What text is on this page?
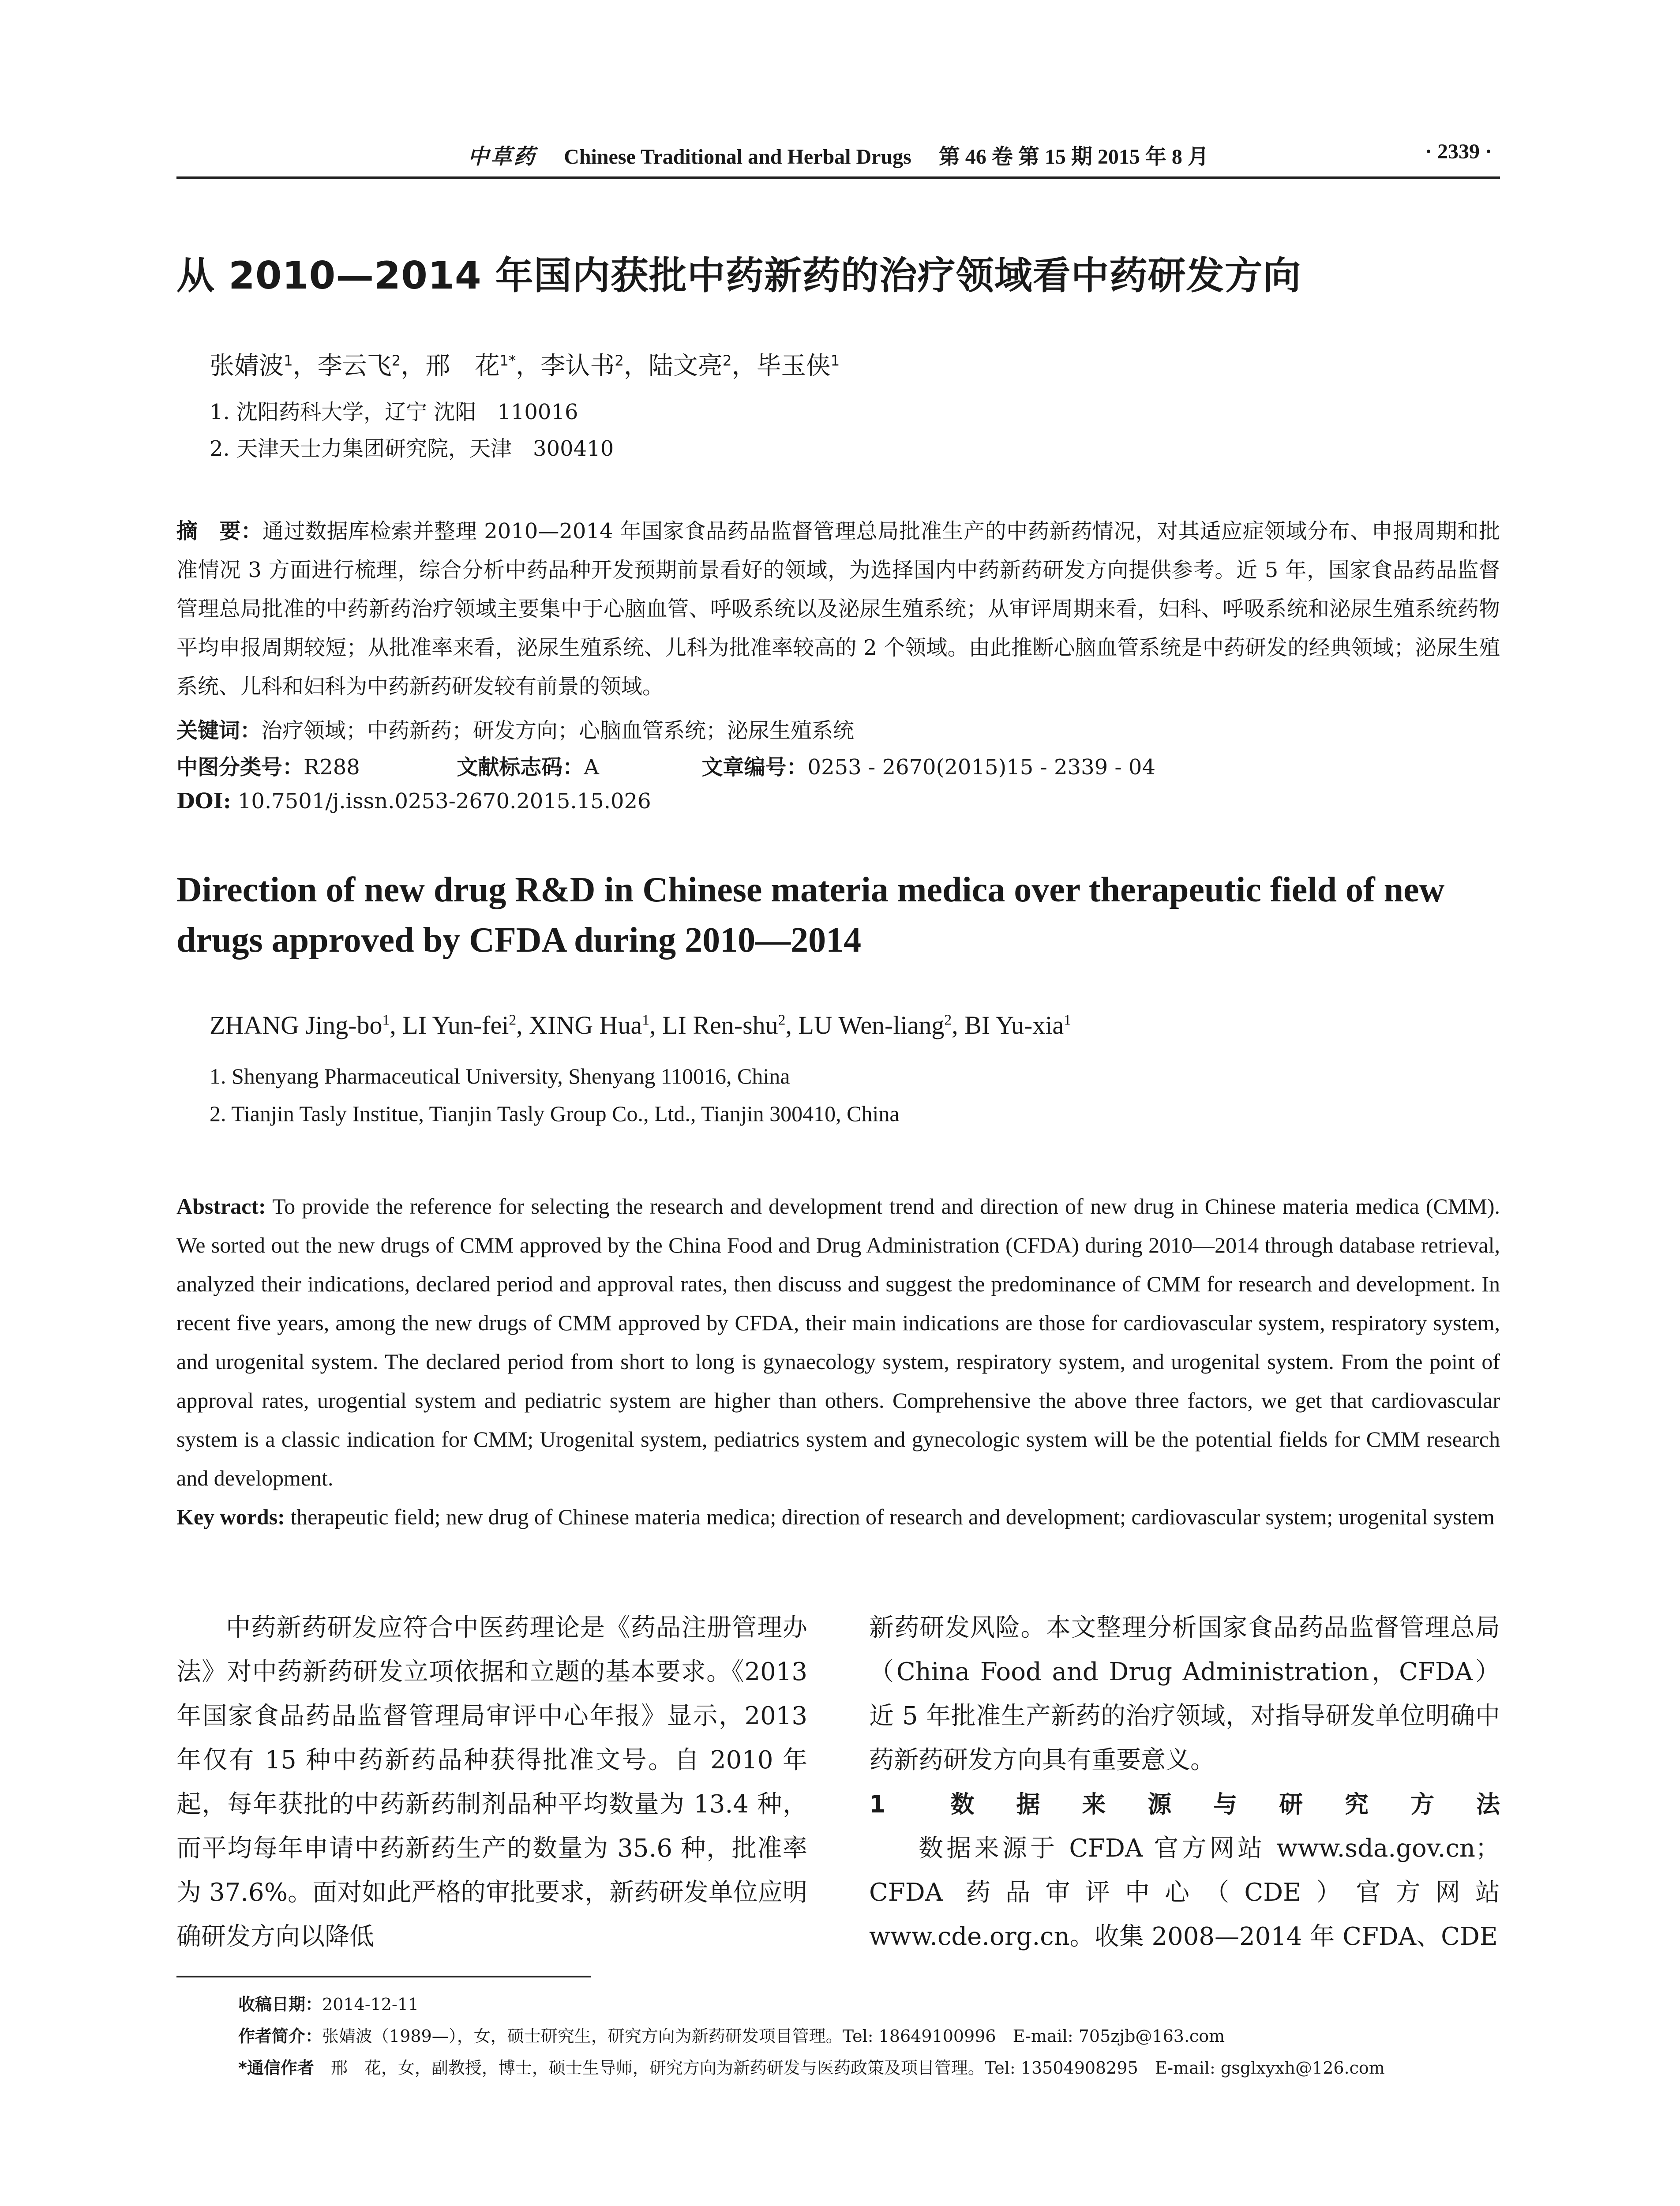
中草药 Chinese Traditional and Herbal Drugs 第 46 卷 第 15 期 2015 年 8 月	· 2339 ·
从 2010—2014 年国内获批中药新药的治疗领域看中药研发方向
张婧波$^1$，李云飞$^2$，邢　花$^{1*}$，李认书$^2$，陆文亮$^2$，毕玉侠$^1$
1. 沈阳药科大学，辽宁 沈阳　110016
2. 天津天士力集团研究院，天津　300410
摘　要：通过数据库检索并整理 2010—2014 年国家食品药品监督管理总局批准生产的中药新药情况，对其适应症领域分布、申报周期和批准情况 3 方面进行梳理，综合分析中药品种开发预期前景看好的领域，为选择国内中药新药研发方向提供参考。近 5 年，国家食品药品监督管理总局批准的中药新药治疗领域主要集中于心脑血管、呼吸系统以及泌尿生殖系统；从审评周期来看，妇科、呼吸系统和泌尿生殖系统药物平均申报周期较短；从批准率来看，泌尿生殖系统、儿科为批准率较高的 2 个领域。由此推断心脑血管系统是中药研发的经典领域；泌尿生殖系统、儿科和妇科为中药新药研发较有前景的领域。
关键词：治疗领域；中药新药；研发方向；心脑血管系统；泌尿生殖系统
中图分类号：R288	文献标志码：A	文章编号：0253 - 2670(2015)15 - 2339 - 04
DOI: 10.7501/j.issn.0253-2670.2015.15.026
Direction of new drug R&D in Chinese materia medica over therapeutic field of new drugs approved by CFDA during 2010—2014
ZHANG Jing-$bo^1$, LI Yun-fei$^2$, XING Hua$^1$, LI Ren-shu$^2$, LU Wen-liang$^2$, BI Yu-xia$^1$
1. Shenyang Pharmaceutical University, Shenyang 110016, China
2. Tianjin Tasly Institue, Tianjin Tasly Group Co., Ltd., Tianjin 300410, China
Abstract: To provide the reference for selecting the research and development trend and direction of new drug in Chinese materia medica (CMM). We sorted out the new drugs of CMM approved by the China Food and Drug Administration (CFDA) during 2010—2014 through database retrieval, analyzed their indications, declared period and approval rates, then discuss and suggest the predominance of CMM for research and development. In recent five years, among the new drugs of CMM approved by CFDA, their main indications are those for cardiovascular system, respiratory system, and urogenital system. The declared period from short to long is gynaecology system, respiratory system, and urogenital system. From the point of approval rates, urogential system and pediatric system are higher than others. Comprehensive the above three factors, we get that cardiovascular system is a classic indication for CMM; Urogenital system, pediatrics system and gynecologic system will be the potential fields for CMM research and development.
Key words: therapeutic field; new drug of Chinese materia medica; direction of research and development; cardiovascular system; urogenital system

中药新药研发应符合中医药理论是《药品注册管理办法》对中药新药研发立项依据和立题的基本要求。《2013 年国家食品药品监督管理局审评中心年报》显示，2013 年仅有 15 种中药新药品种获得批准文号。自 2010 年起，每年获批的中药新药制剂品种平均数量为 13.4 种，而平均每年申请中药新药生产的数量为 35.6 种，批准率为 37.6%。面对如此严格的审批要求，新药研发单位应明确研发方向以降低

新药研发风险。本文整理分析国家食品药品监督管理总局（China Food and Drug Administration，CFDA）近 5 年批准生产新药的治疗领域，对指导研发单位明确中药新药研发方向具有重要意义。

1 数据来源与研究方法

数据来源于 CFDA 官方网站 www.sda.gov.cn；CFDA 药品审评中心（CDE）官方网站 www.cde.org.cn。收集 2008—2014 年 CFDA、CDE

收稿日期：2014-12-11
作者简介：张婧波（1989—），女，硕士研究生，研究方向为新药研发项目管理。Tel: 18649100996　E-mail: 705zjb@163.com
*通信作者　 邢　花，女，副教授，博士，硕士生导师，研究方向为新药研发与医药政策及项目管理。Tel: 13504908295　E-mail: gsglxyxh@126.com
